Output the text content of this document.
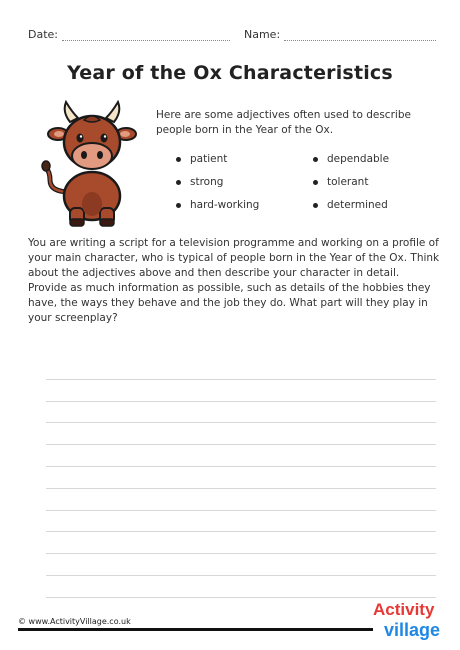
Date:	Name:
Year of the Ox Characteristics
Here are some adjectives often used to describe people born in the Year of the Ox.
patient	dependable
strong	tolerant
hard-working	determined
You are writing a script for a television programme and working on a profile of your main character, who is typical of people born in the Year of the Ox. Think about the adjectives above and then describe your character in detail. Provide as much information as possible, such as details of the hobbies they have, the ways they behave and the job they do. What part will they play in your screenplay?
© www.ActivityVillage.co.uk
Activity
village
